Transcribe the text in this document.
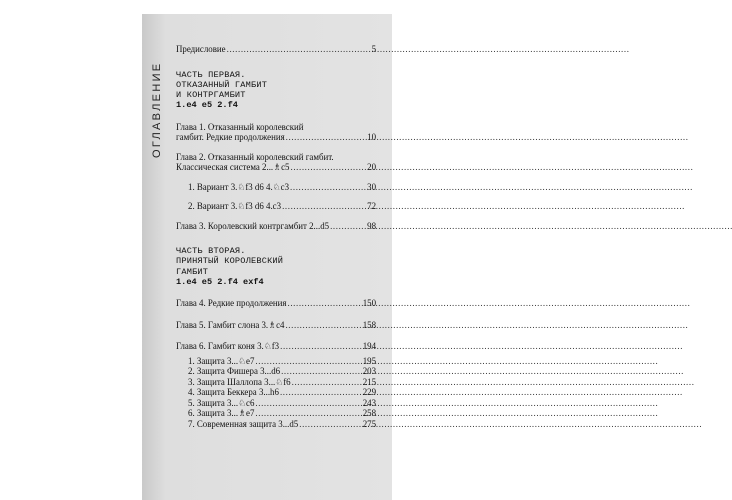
ОГЛАВЛЕНИЕ
Предисловие . . .	5
ЧАСТЬ ПЕРВАЯ.
ОТКАЗАННЫЙ ГАМБИТ
И КОНТРГАМБИТ
1.e4 e5 2.f4
Глава 1. Отказанный королевский
гамбит. Редкие продолжения . . .	10
Глава 2. Отказанный королевский гамбит.
Классическая система 2...♗c5 . . .	20
1. Вариант 3.♘f3 d6 4.♘c3 . . .	30
2. Вариант 3.♘f3 d6 4.c3 . . .	72
Глава 3. Королевский контргамбит 2...d5 . . .	98
ЧАСТЬ ВТОРАЯ.
ПРИНЯТЫЙ КОРОЛЕВСКИЙ
ГАМБИТ
1.e4 e5 2.f4 exf4
Глава 4. Редкие продолжения . . .	150
Глава 5. Гамбит слона 3.♗c4 . . .	158
Глава 6. Гамбит коня 3.♘f3 . . .	194
1. Защита 3...♘e7 . . .	195
2. Защита Фишера 3...d6 . . .	203
3. Защита Шаллопа 3...♘f6 . . .	215
4. Защита Беккера 3...h6 . . .	229
5. Защита 3...♘c6 . . .	243
6. Защита 3...♗e7 . . .	258
7. Современная защита 3...d5 . . .	275
